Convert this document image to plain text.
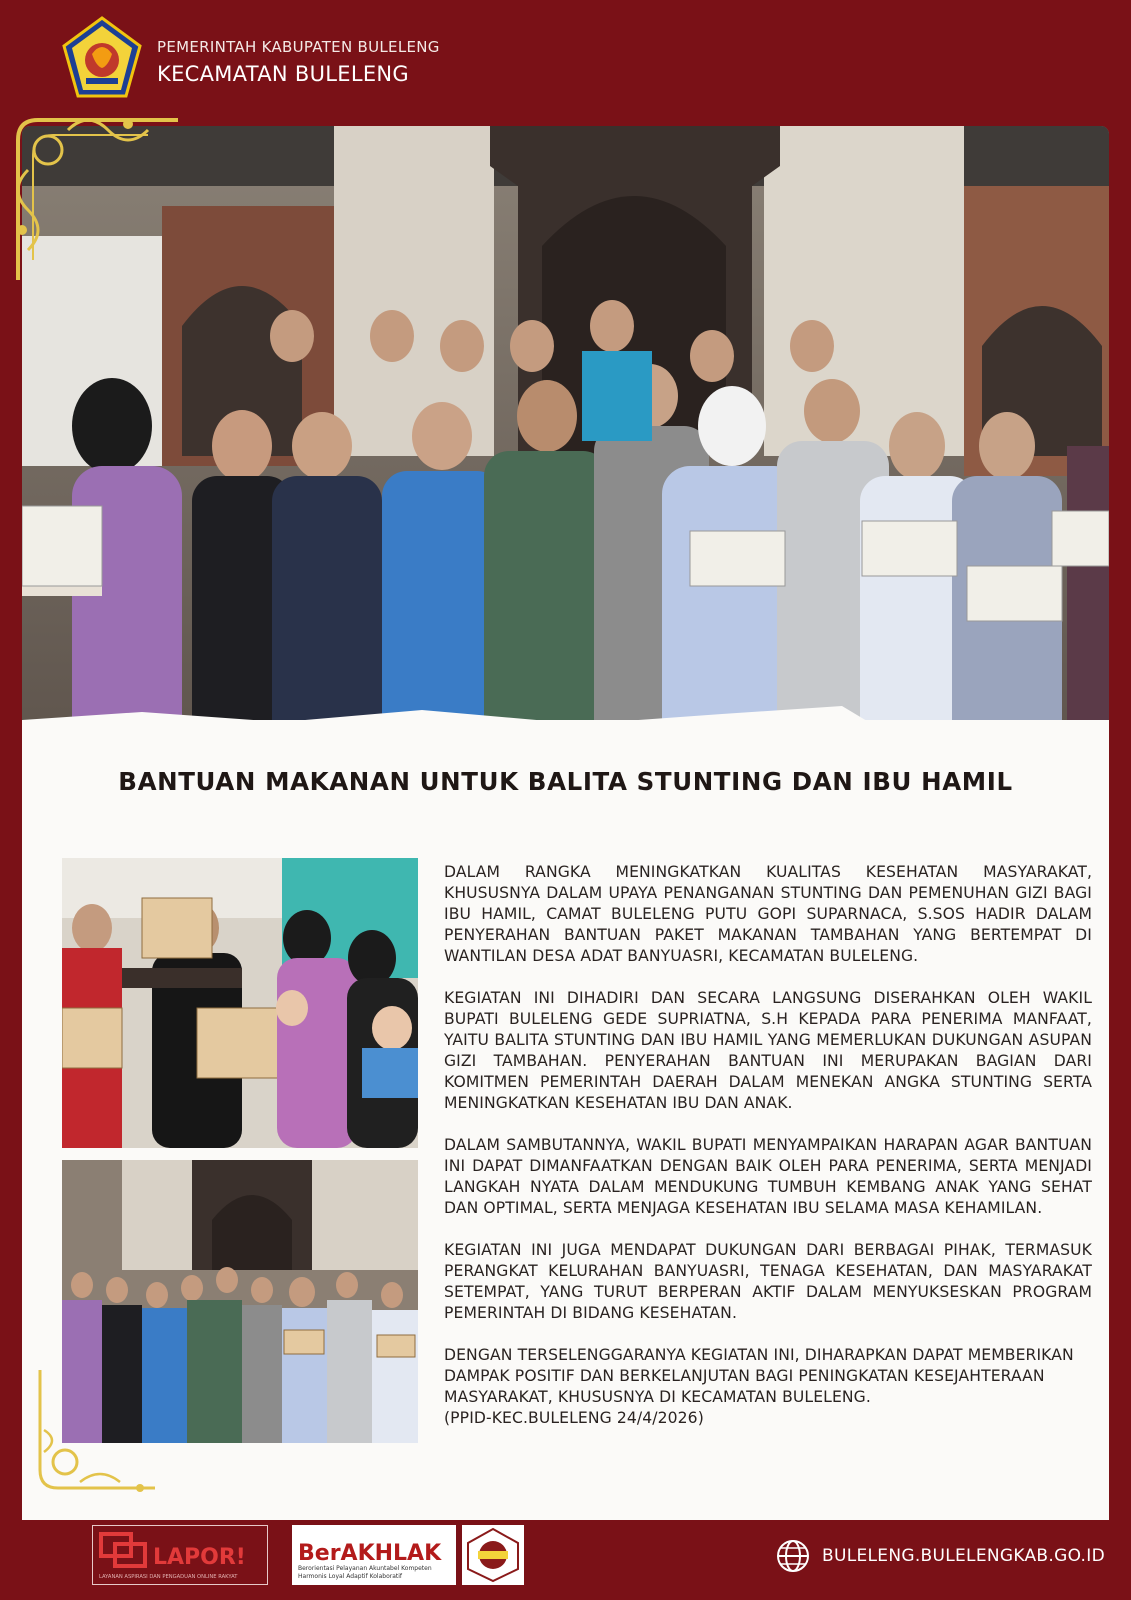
PEMERINTAH KABUPATEN BULELENG
KECAMATAN BULELENG
BANTUAN MAKANAN UNTUK BALITA STUNTING DAN IBU HAMIL

DALAM RANGKA MENINGKATKAN KUALITAS KESEHATAN MASYARAKAT, KHUSUSNYA DALAM UPAYA PENANGANAN STUNTING DAN PEMENUHAN GIZI BAGI IBU HAMIL, CAMAT BULELENG PUTU GOPI SUPARNACA, S.SOS HADIR DALAM PENYERAHAN BANTUAN PAKET MAKANAN TAMBAHAN YANG BERTEMPAT DI WANTILAN DESA ADAT BANYUASRI, KECAMATAN BULELENG.

KEGIATAN INI DIHADIRI DAN SECARA LANGSUNG DISERAHKAN OLEH WAKIL BUPATI BULELENG GEDE SUPRIATNA, S.H KEPADA PARA PENERIMA MANFAAT, YAITU BALITA STUNTING DAN IBU HAMIL YANG MEMERLUKAN DUKUNGAN ASUPAN GIZI TAMBAHAN. PENYERAHAN BANTUAN INI MERUPAKAN BAGIAN DARI KOMITMEN PEMERINTAH DAERAH DALAM MENEKAN ANGKA STUNTING SERTA MENINGKATKAN KESEHATAN IBU DAN ANAK.

DALAM SAMBUTANNYA, WAKIL BUPATI MENYAMPAIKAN HARAPAN AGAR BANTUAN INI DAPAT DIMANFAATKAN DENGAN BAIK OLEH PARA PENERIMA, SERTA MENJADI LANGKAH NYATA DALAM MENDUKUNG TUMBUH KEMBANG ANAK YANG SEHAT DAN OPTIMAL, SERTA MENJAGA KESEHATAN IBU SELAMA MASA KEHAMILAN.

KEGIATAN INI JUGA MENDAPAT DUKUNGAN DARI BERBAGAI PIHAK, TERMASUK PERANGKAT KELURAHAN BANYUASRI, TENAGA KESEHATAN, DAN MASYARAKAT SETEMPAT, YANG TURUT BERPERAN AKTIF DALAM MENYUKSESKAN PROGRAM PEMERINTAH DI BIDANG KESEHATAN.

DENGAN TERSELENGGARANYA KEGIATAN INI, DIHARAPKAN DAPAT MEMBERIKAN DAMPAK POSITIF DAN BERKELANJUTAN BAGI PENINGKATAN KESEJAHTERAAN MASYARAKAT, KHUSUSNYA DI KECAMATAN BULELENG.
(PPID-KEC.BULELENG 24/4/2026)

LAPOR!
LAYANAN ASPIRASI DAN PENGADUAN ONLINE RAKYAT
BerAKHLAK
Berorientasi Pelayanan Akuntabel Kompeten
Harmonis Loyal Adaptif Kolaboratif
BULELENG.BULELENGKAB.GO.ID
